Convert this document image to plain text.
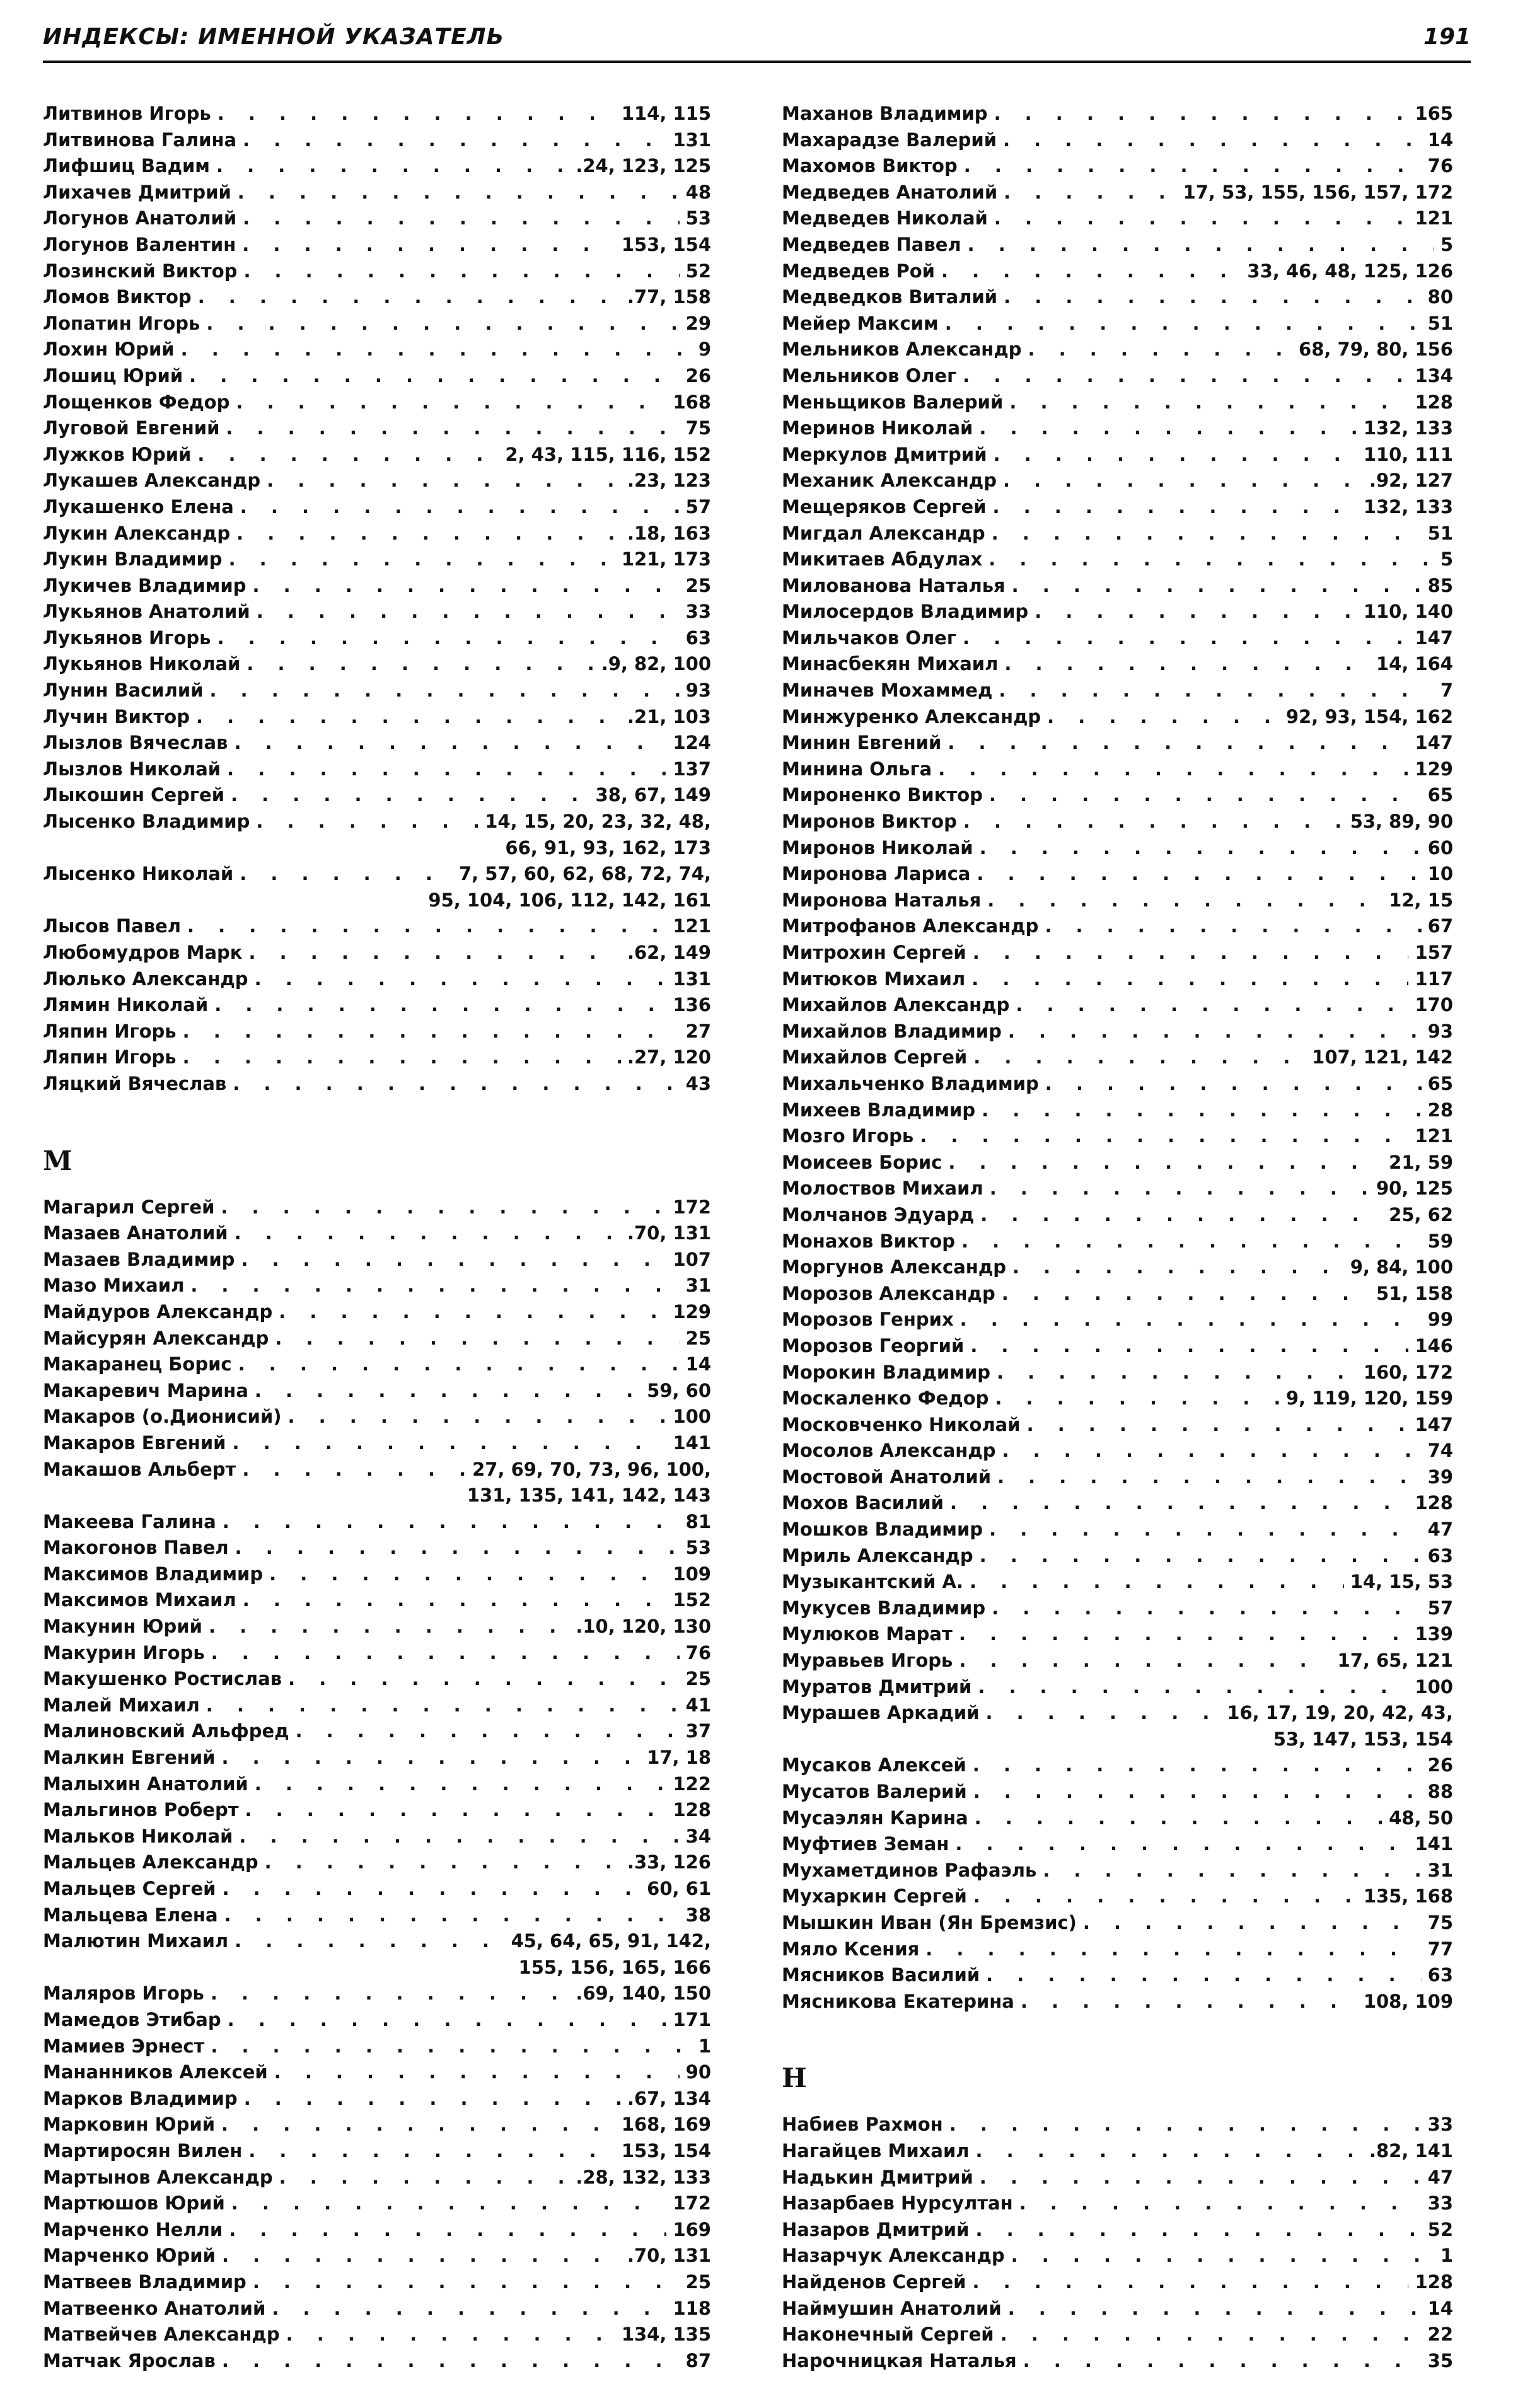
ИНДЕКСЫ: ИМЕННОЙ УКАЗАТЕЛЬ	191
Литвинов Игорь . . .	114, 115
Литвинова Галина . . .	131
Лифшиц Вадим . . .	.24, 123, 125
Лихачев Дмитрий . . .	48
Логунов Анатолий . . .	53
Логунов Валентин . . .	153, 154
Лозинский Виктор . . .	52
Ломов Виктор . . .	.77, 158
Лопатин Игорь . . .	29
Лохин Юрий . . .	9
Лошиц Юрий . . .	26
Лощенков Федор . . .	168
Луговой Евгений . . .	75
Лужков Юрий . . .	2, 43, 115, 116, 152
Лукашев Александр . . .	.23, 123
Лукашенко Елена . . .	57
Лукин Александр . . .	.18, 163
Лукин Владимир . . .	121, 173
Лукичев Владимир . . .	25
Лукьянов Анатолий . . .	33
Лукьянов Игорь . . .	63
Лукьянов Николай . . .	.9, 82, 100
Лунин Василий . . .	93
Лучин Виктор . . .	.21, 103
Лызлов Вячеслав . . .	124
Лызлов Николай . . .	137
Лыкошин Сергей . . .	38, 67, 149
Лысенко Владимир . . .	14, 15, 20, 23, 32, 48,
66, 91, 93, 162, 173
Лысенко Николай . . .	7, 57, 60, 62, 68, 72, 74,
95, 104, 106, 112, 142, 161
Лысов Павел . . .	121
Любомудров Марк . . .	.62, 149
Люлько Александр . . .	131
Лямин Николай . . .	136
Ляпин Игорь . . .	27
Ляпин Игорь . . .	.27, 120
Ляцкий Вячеслав . . .	43
М
Магарил Сергей . . .	172
Мазаев Анатолий . . .	.70, 131
Мазаев Владимир . . .	107
Мазо Михаил . . .	31
Майдуров Александр . . .	129
Майсурян Александр . . .	25
Макаранец Борис . . .	14
Макаревич Марина . . .	59, 60
Макаров (о.Дионисий) . . .	100
Макаров Евгений . . .	141
Макашов Альберт . . .	27, 69, 70, 73, 96, 100,
131, 135, 141, 142, 143
Макеева Галина . . .	81
Макогонов Павел . . .	53
Максимов Владимир . . .	109
Максимов Михаил . . .	152
Макунин Юрий . . .	.10, 120, 130
Макурин Игорь . . .	76
Макушенко Ростислав . . .	25
Малей Михаил . . .	41
Малиновский Альфред . . .	37
Малкин Евгений . . .	17, 18
Малыхин Анатолий . . .	122
Мальгинов Роберт . . .	128
Мальков Николай . . .	34
Мальцев Александр . . .	.33, 126
Мальцев Сергей . . .	60, 61
Мальцева Елена . . .	38
Малютин Михаил . . .	45, 64, 65, 91, 142,
155, 156, 165, 166
Маляров Игорь . . .	.69, 140, 150
Мамедов Этибар . . .	171
Мамиев Эрнест . . .	1
Мананников Алексей . . .	90
Марков Владимир . . .	.67, 134
Марковин Юрий . . .	168, 169
Мартиросян Вилен . . .	153, 154
Мартынов Александр . . .	.28, 132, 133
Мартюшов Юрий . . .	172
Марченко Нелли . . .	169
Марченко Юрий . . .	.70, 131
Матвеев Владимир . . .	25
Матвеенко Анатолий . . .	118
Матвейчев Александр . . .	134, 135
Матчак Ярослав . . .	87
Маханов Владимир . . .	165
Махарадзе Валерий . . .	14
Махомов Виктор . . .	76
Медведев Анатолий . . .	17, 53, 155, 156, 157, 172
Медведев Николай . . .	121
Медведев Павел . . .	5
Медведев Рой . . .	33, 46, 48, 125, 126
Медведков Виталий . . .	80
Мейер Максим . . .	51
Мельников Александр . . .	68, 79, 80, 156
Мельников Олег . . .	134
Меньщиков Валерий . . .	128
Меринов Николай . . .	132, 133
Меркулов Дмитрий . . .	110, 111
Механик Александр . . .	.92, 127
Мещеряков Сергей . . .	132, 133
Мигдал Александр . . .	51
Микитаев Абдулах . . .	5
Милованова Наталья . . .	85
Милосердов Владимир . . .	110, 140
Мильчаков Олег . . .	147
Минасбекян Михаил . . .	14, 164
Миначев Мохаммед . . .	7
Минжуренко Александр . . .	92, 93, 154, 162
Минин Евгений . . .	147
Минина Ольга . . .	129
Мироненко Виктор . . .	65
Миронов Виктор . . .	53, 89, 90
Миронов Николай . . .	60
Миронова Лариса . . .	10
Миронова Наталья . . .	12, 15
Митрофанов Александр . . .	67
Митрохин Сергей . . .	157
Митюков Михаил . . .	117
Михайлов Александр . . .	170
Михайлов Владимир . . .	93
Михайлов Сергей . . .	107, 121, 142
Михальченко Владимир . . .	65
Михеев Владимир . . .	28
Мозго Игорь . . .	121
Моисеев Борис . . .	21, 59
Молоствов Михаил . . .	90, 125
Молчанов Эдуард . . .	25, 62
Монахов Виктор . . .	59
Моргунов Александр . . .	9, 84, 100
Морозов Александр . . .	51, 158
Морозов Генрих . . .	99
Морозов Георгий . . .	146
Морокин Владимир . . .	160, 172
Москаленко Федор . . .	9, 119, 120, 159
Московченко Николай . . .	147
Мосолов Александр . . .	74
Мостовой Анатолий . . .	39
Мохов Василий . . .	128
Мошков Владимир . . .	47
Мриль Александр . . .	63
Музыкантский А. . . .	14, 15, 53
Мукусев Владимир . . .	57
Мулюков Марат . . .	139
Муравьев Игорь . . .	17, 65, 121
Муратов Дмитрий . . .	100
Мурашев Аркадий . . .	16, 17, 19, 20, 42, 43,
53, 147, 153, 154
Мусаков Алексей . . .	26
Мусатов Валерий . . .	88
Мусаэлян Карина . . .	48, 50
Муфтиев Земан . . .	141
Мухаметдинов Рафаэль . . .	31
Мухаркин Сергей . . .	135, 168
Мышкин Иван (Ян Бремзис) . . .	75
Мяло Ксения . . .	77
Мясников Василий . . .	63
Мясникова Екатерина . . .	108, 109
Н
Набиев Рахмон . . .	33
Нагайцев Михаил . . .	.82, 141
Надькин Дмитрий . . .	47
Назарбаев Нурсултан . . .	33
Назаров Дмитрий . . .	52
Назарчук Александр . . .	1
Найденов Сергей . . .	128
Наймушин Анатолий . . .	14
Наконечный Сергей . . .	22
Нарочницкая Наталья . . .	35
